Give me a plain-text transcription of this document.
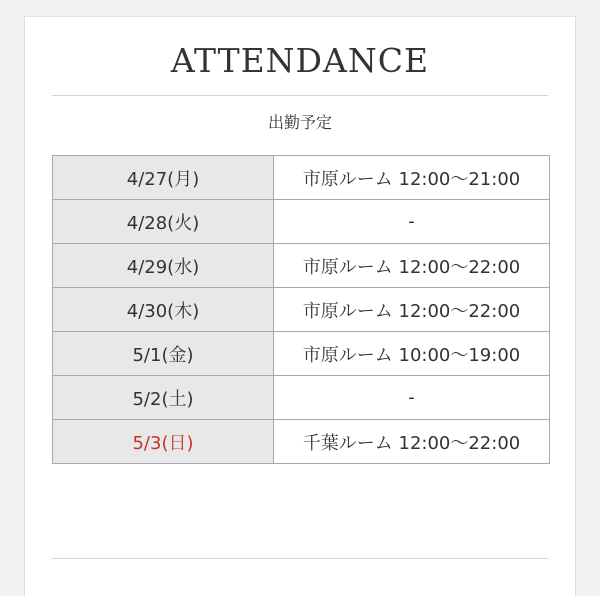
ATTENDANCE
出勤予定
4/27(月)	市原ルーム 12:00〜21:00
4/28(火)	-
4/29(水)	市原ルーム 12:00〜22:00
4/30(木)	市原ルーム 12:00〜22:00
5/1(金)	市原ルーム 10:00〜19:00
5/2(土)	-
5/3(日)	千葉ルーム 12:00〜22:00
